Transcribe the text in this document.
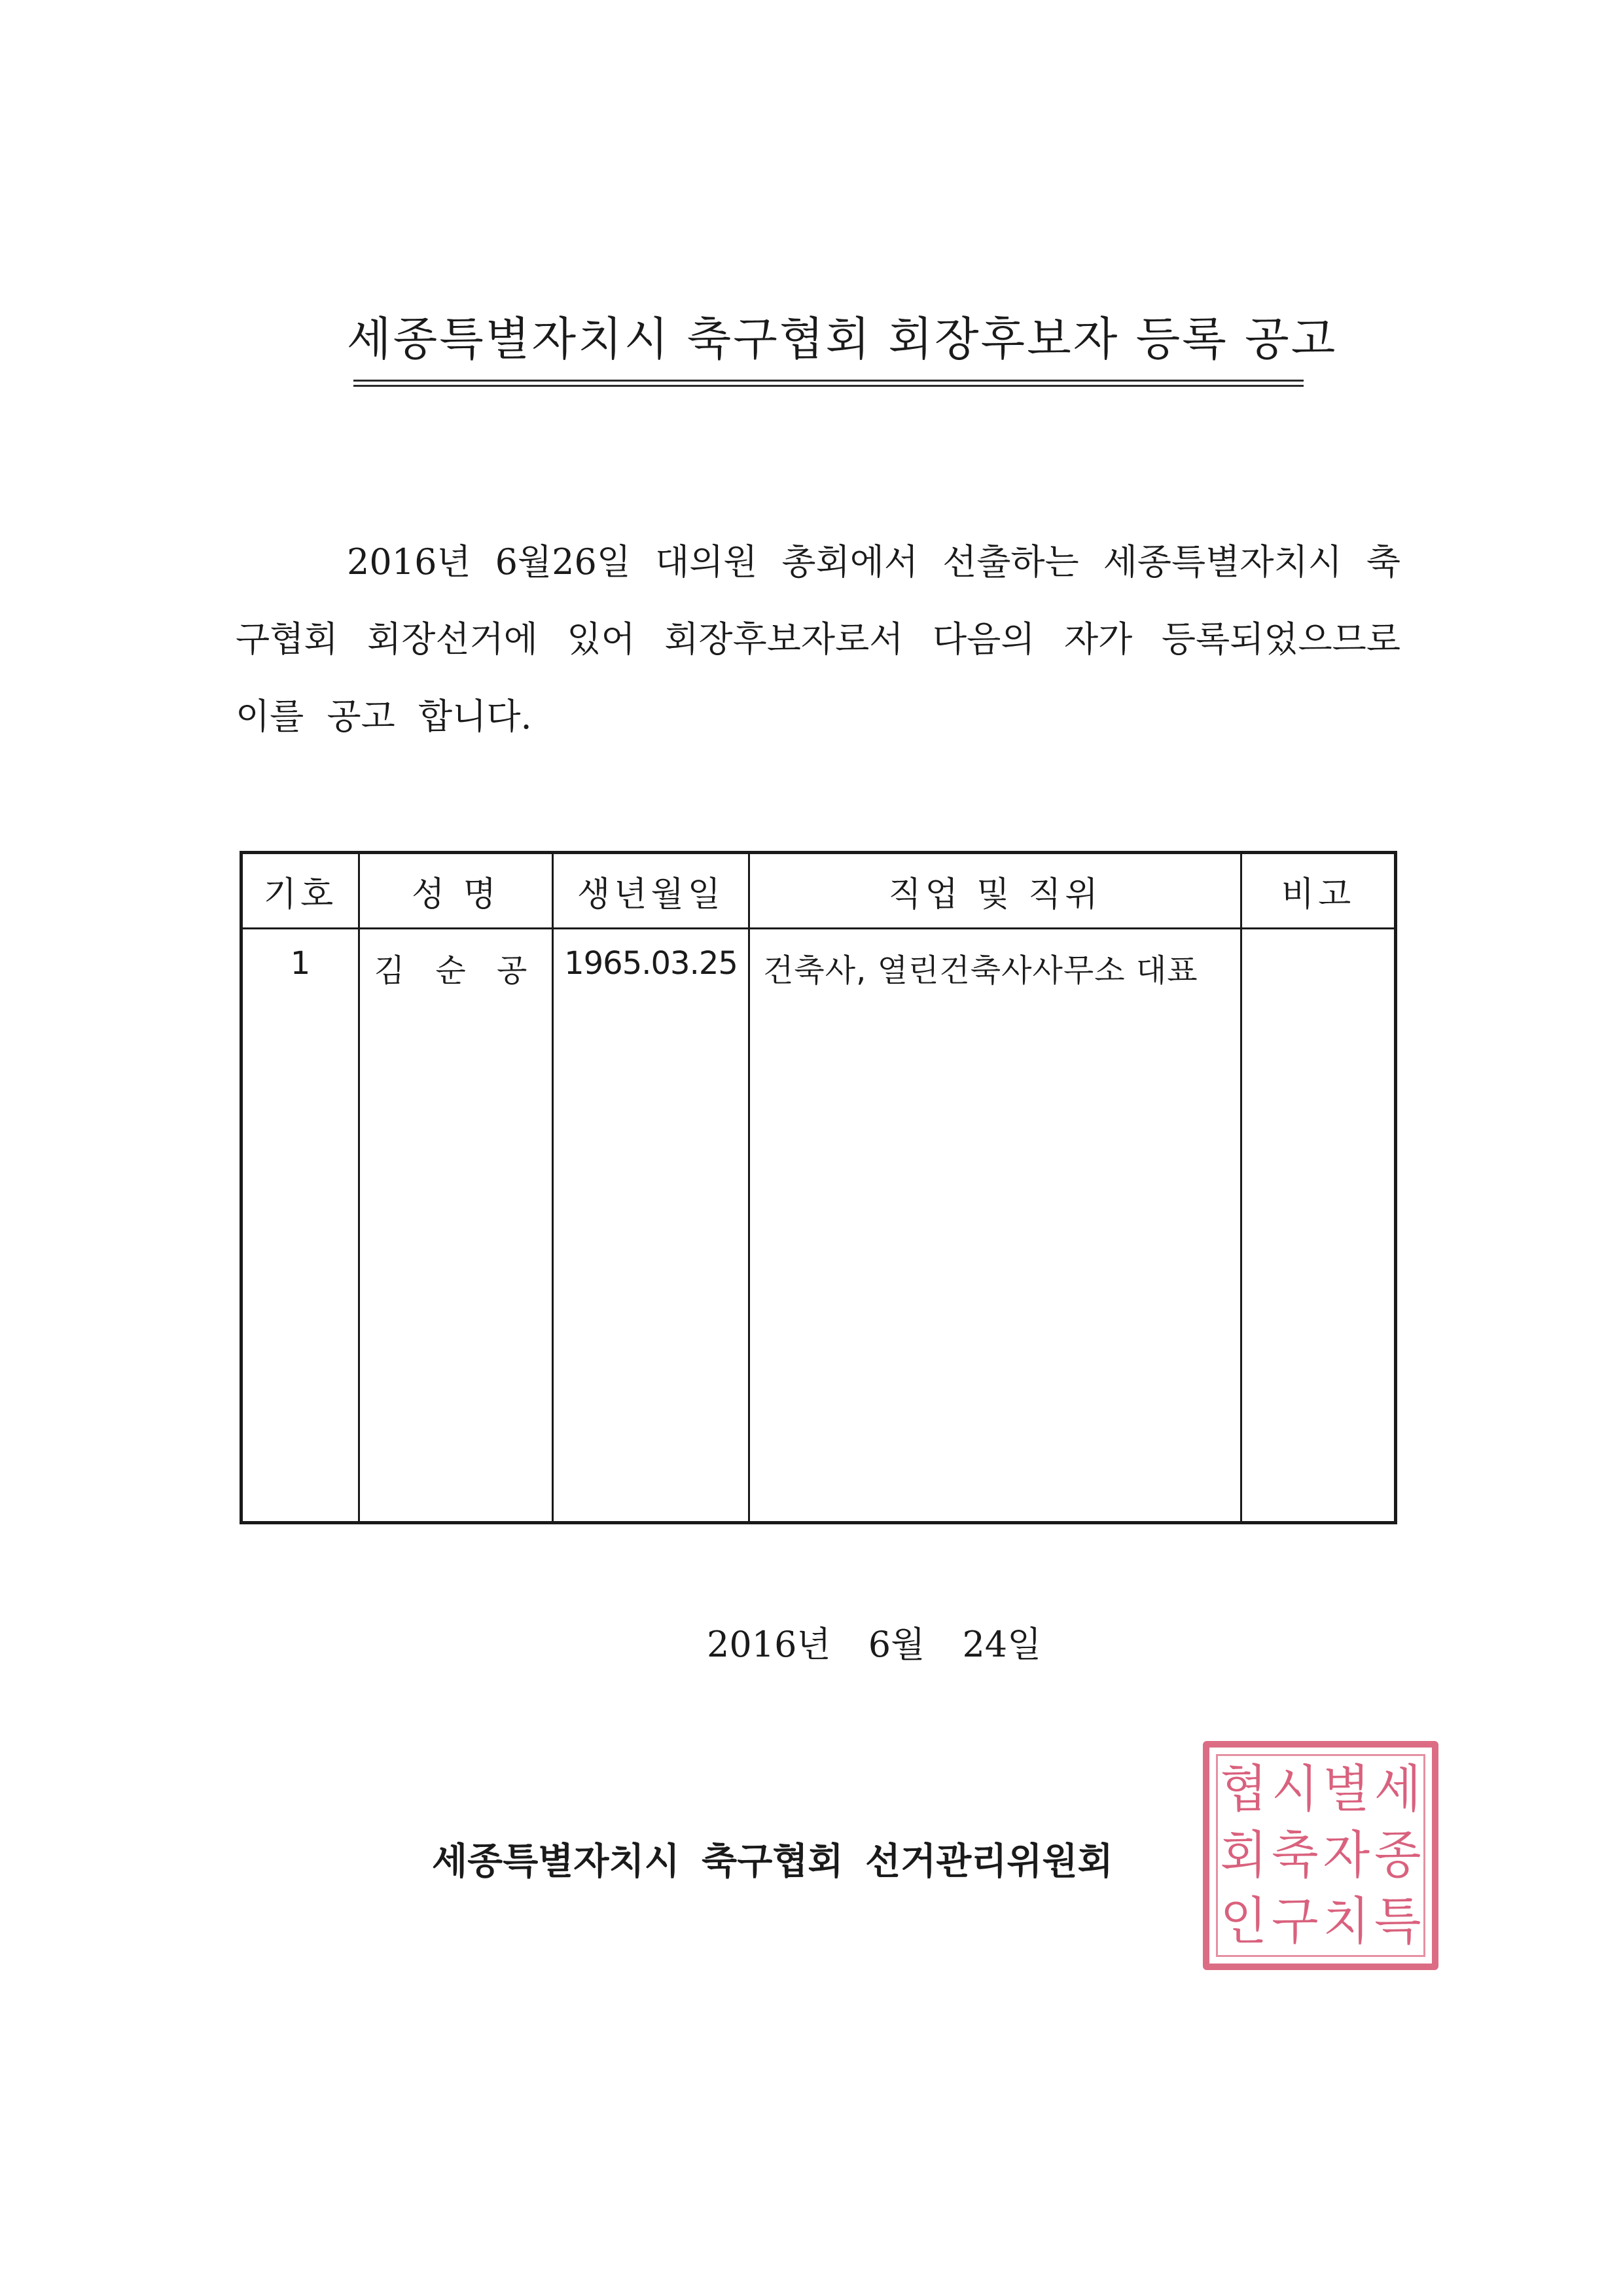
세종특별자치시 축구협회 회장후보자 등록 공고
2016년 6월26일 대의원 총회에서 선출하는 세종특별자치시 축구협회 회장선거에 있어 회장후보자로서 다음의 자가 등록되었으므로 이를 공고 합니다.
기호	성 명	생년월일	직업 및 직위	비고
1	김 순 공	1965.03.25	건축사, 열린건축사사무소 대표	
2016년 6월 24일
세종특별자치시 축구협회 선거관리위원회
협 시 별 세
회 축 자 종
인 구 치 특
